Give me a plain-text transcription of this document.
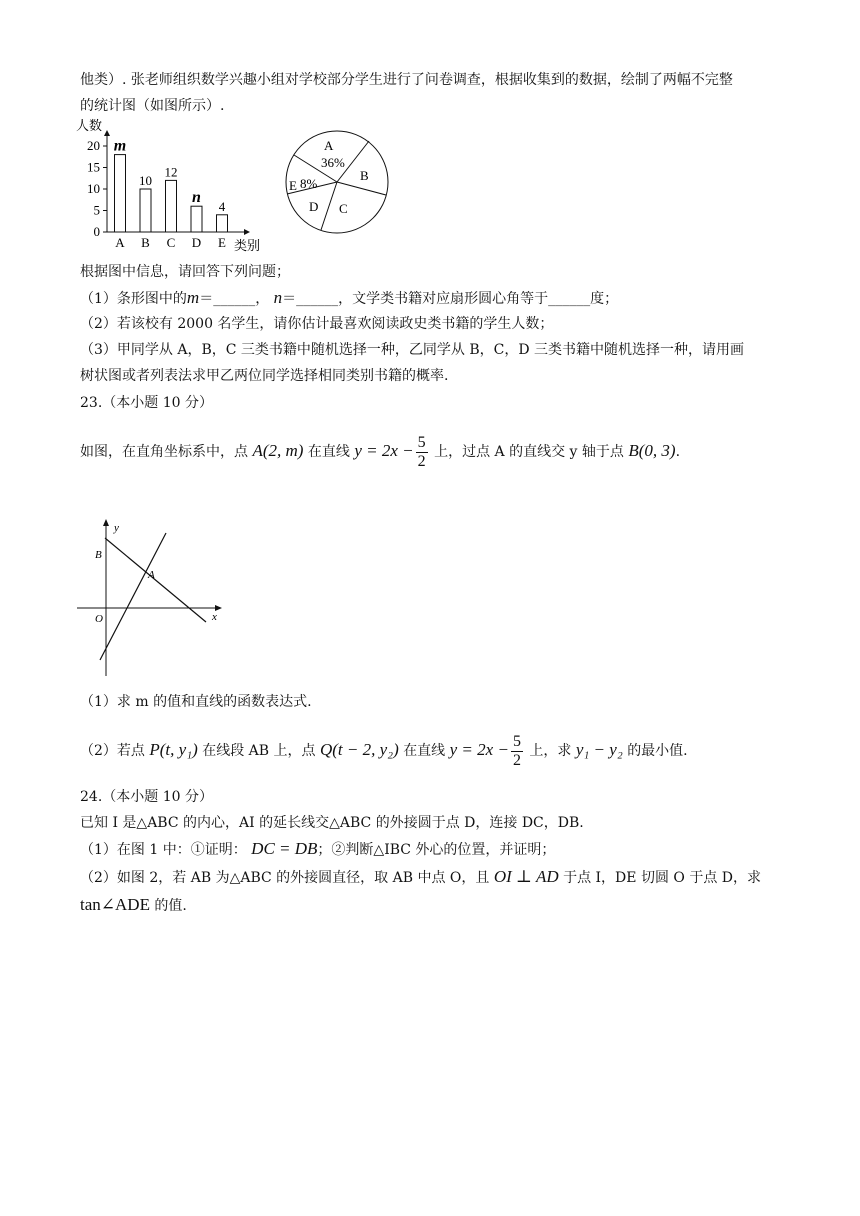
他类）. 张老师组织数学兴趣小组对学校部分学生进行了问卷调查，根据收集到的数据，绘制了两幅不完整
的统计图（如图所示）.
人数
0
5
10
15
20 m
A
10
B
12
C
n
D
4
E 类别
A
36%
B
C
D
E 8%
根据图中信息，请回答下列问题；
（1）条形图中的m＝______， n＝______，文学类书籍对应扇形圆心角等于______度；
（2）若该校有 2000 名学生，请你估计最喜欢阅读政史类书籍的学生人数；
（3）甲同学从 A，B，C 三类书籍中随机选择一种，乙同学从 B，C，D 三类书籍中随机选择一种，请用画
树状图或者列表法求甲乙两位同学选择相同类别书籍的概率.
23.（本小题 10 分）
如图，在直角坐标系中，点 A(2, m) 在直线 $y = 2x - \frac{5}{2}$ 上，过点 A 的直线交 y 轴于点 B(0, 3).
y
x
O
B
A
（1）求 m 的值和直线的函数表达式.
（2）若点 P(t, y₁) 在线段 AB 上，点 Q(t − 2, y₂) 在直线 $y = 2x - \frac{5}{2}$ 上，求 y₁ − y₂ 的最小值.
24.（本小题 10 分）
已知 I 是△ABC 的内心，AI 的延长线交△ABC 的外接圆于点 D，连接 DC，DB.
（1）在图 1 中：①证明： DC = DB；②判断△IBC 外心的位置，并证明；
（2）如图 2，若 AB 为△ABC 的外接圆直径，取 AB 中点 O，且 OI ⊥ AD 于点 I，DE 切圆 O 于点 D，求
tan∠ADE 的值.
